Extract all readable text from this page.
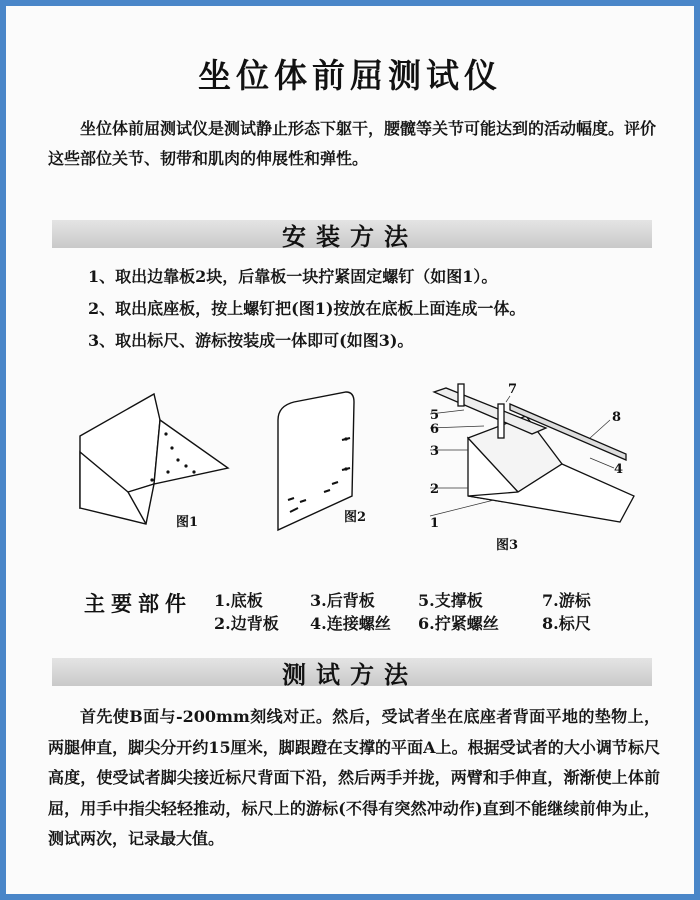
坐位体前屈测试仪
坐位体前屈测试仪是测试静止形态下躯干，腰髋等关节可能达到的活动幅度。评价这些部位关节、韧带和肌肉的伸展性和弹性。
安装方法
1、取出边靠板2块，后靠板一块拧紧固定螺钉（如图1）。
2、取出底座板，按上螺钉把(图1)按放在底板上面连成一体。
3、取出标尺、游标按装成一体即可(如图3)。
图1	图2
5
6
3
2
1
7
8
4
图3
主要部件 1.底板
2.边背板
3.后背板
4.连接螺丝
5.支撑板
6.拧紧螺丝
7.游标
8.标尺
测试方法
首先使B面与-200mm刻线对正。然后，受试者坐在底座者背面平地的垫物上，两腿伸直，脚尖分开约15厘米，脚跟蹬在支撑的平面A上。根据受试者的大小调节标尺高度，使受试者脚尖接近标尺背面下沿，然后两手并拢，两臂和手伸直，渐渐使上体前屈，用手中指尖轻轻推动，标尺上的游标(不得有突然冲动作)直到不能继续前伸为止，测试两次，记录最大值。
